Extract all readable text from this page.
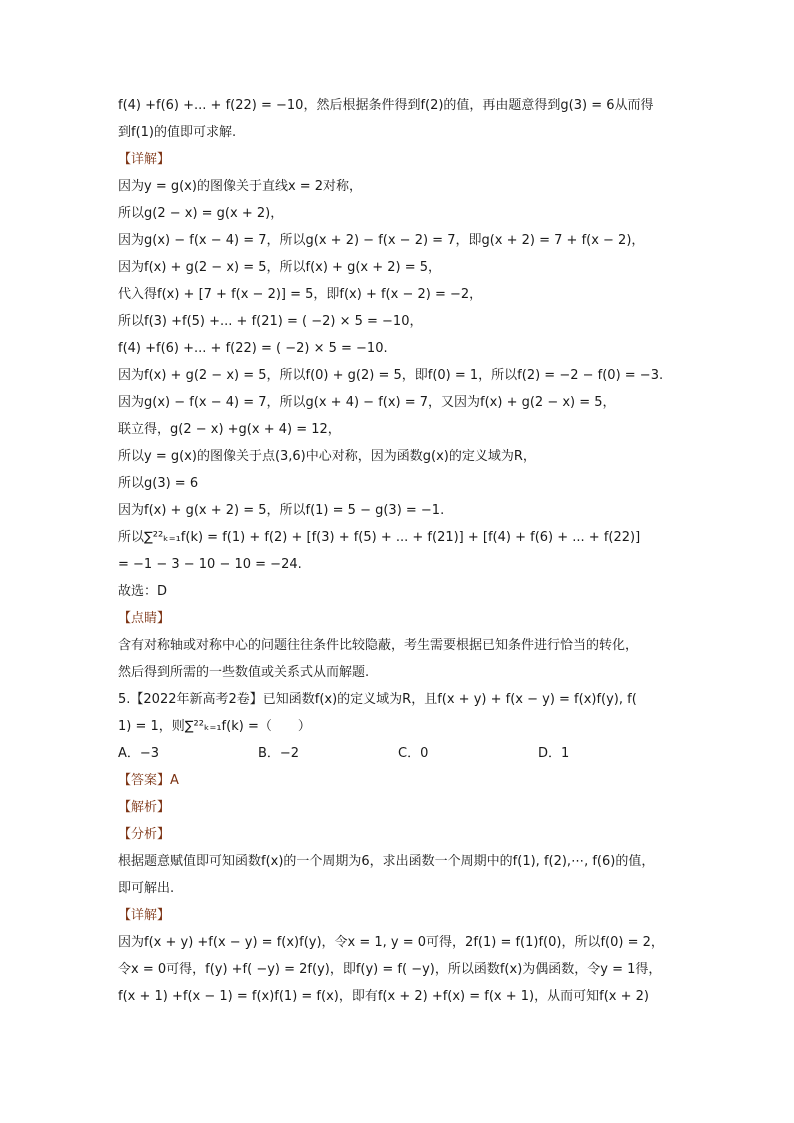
f(4) +f(6) +... + f(22) = −10，然后根据条件得到f(2)的值，再由题意得到g(3) = 6从而得
到f(1)的值即可求解.
【详解】
因为y = g(x)的图像关于直线x = 2对称，
所以g(2 − x) = g(x + 2)，
因为g(x) − f(x − 4) = 7，所以g(x + 2) − f(x − 2) = 7，即g(x + 2) = 7 + f(x − 2)，
因为f(x) + g(2 − x) = 5，所以f(x) + g(x + 2) = 5，
代入得f(x) + [7 + f(x − 2)] = 5，即f(x) + f(x − 2) = −2，
所以f(3) +f(5) +... + f(21) = ( −2) × 5 = −10，
f(4) +f(6) +... + f(22) = ( −2) × 5 = −10.
因为f(x) + g(2 − x) = 5，所以f(0) + g(2) = 5，即f(0) = 1，所以f(2) = −2 − f(0) = −3.
因为g(x) − f(x − 4) = 7，所以g(x + 4) − f(x) = 7，又因为f(x) + g(2 − x) = 5，
联立得，g(2 − x) +g(x + 4) = 12，
所以y = g(x)的图像关于点(3,6)中心对称，因为函数g(x)的定义域为R，
所以g(3) = 6
因为f(x) + g(x + 2) = 5，所以f(1) = 5 − g(3) = −1.
所以∑²²ₖ₌₁f(k) = f(1) + f(2) + [f(3) + f(5) + ... + f(21)] + [f(4) + f(6) + ... + f(22)]
= −1 − 3 − 10 − 10 = −24.
故选：D
【点睛】
含有对称轴或对称中心的问题往往条件比较隐蔽，考生需要根据已知条件进行恰当的转化，
然后得到所需的一些数值或关系式从而解题.
5.【2022年新高考2卷】已知函数f(x)的定义域为R，且f(x + y) + f(x − y) = f(x)f(y), f(
1) = 1，则∑²²ₖ₌₁f(k) =（　　）
A．−3	B．−2	C．0	D．1
【答案】A
【解析】
【分析】
根据题意赋值即可知函数f(x)的一个周期为6，求出函数一个周期中的f(1), f(2),⋯, f(6)的值，
即可解出.
【详解】
因为f(x + y) +f(x − y) = f(x)f(y)，令x = 1, y = 0可得，2f(1) = f(1)f(0)，所以f(0) = 2，
令x = 0可得，f(y) +f( −y) = 2f(y)，即f(y) = f( −y)，所以函数f(x)为偶函数，令y = 1得，
f(x + 1) +f(x − 1) = f(x)f(1) = f(x)，即有f(x + 2) +f(x) = f(x + 1)，从而可知f(x + 2)
